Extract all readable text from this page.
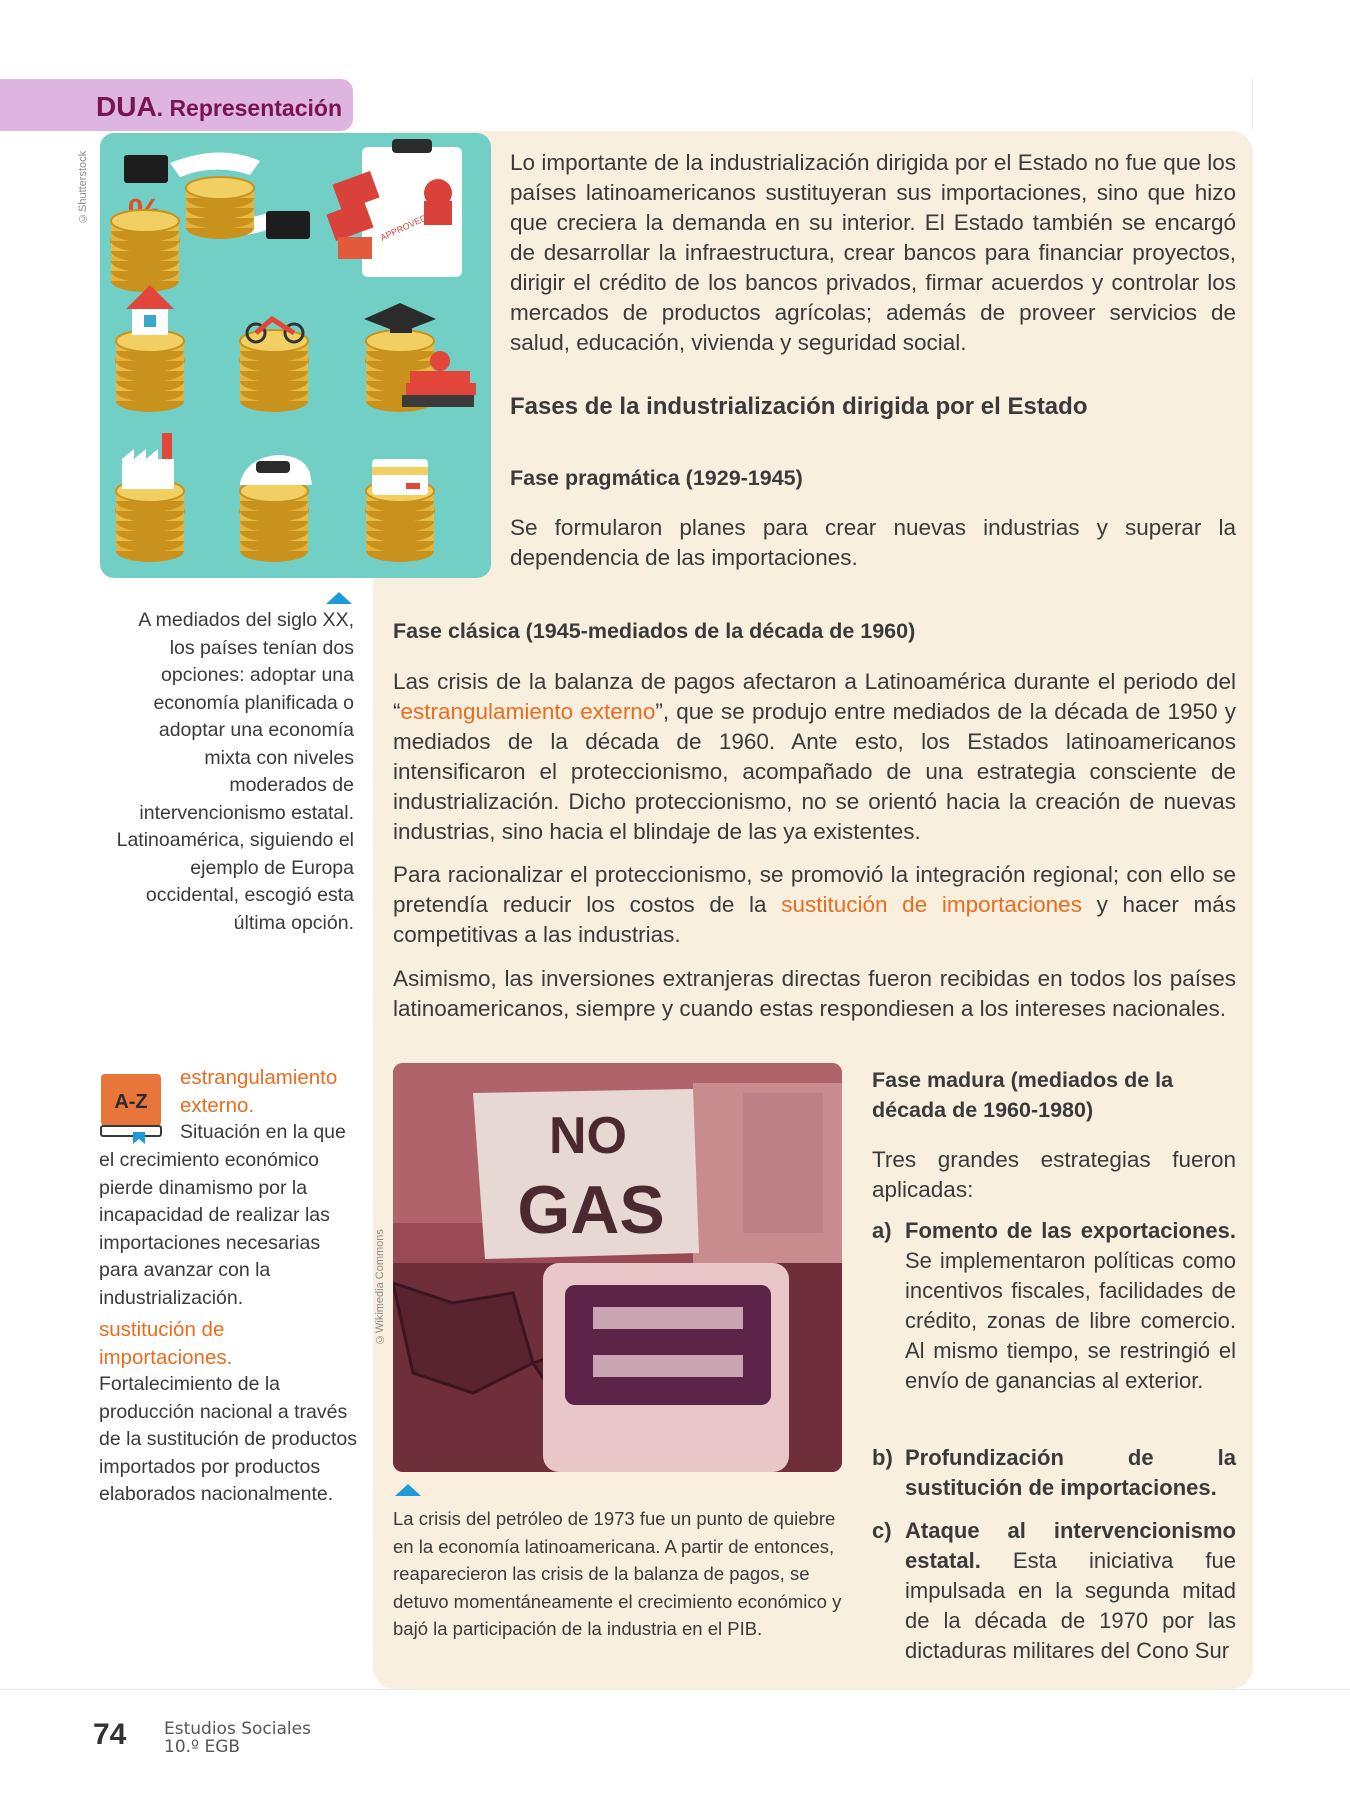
DUA. Representación
©Shutterstock
APPROVED
Lo importante de la industrialización dirigida por el Estado no fue que los países latinoamericanos sustituyeran sus importaciones, sino que hizo que creciera la demanda en su interior. El Estado también se encargó de desarrollar la infraestructura, crear bancos para financiar proyectos, dirigir el crédito de los bancos privados, firmar acuerdos y controlar los mercados de productos agrícolas; además de proveer servicios de salud, educación, vivienda y seguridad social.
Fases de la industrialización dirigida por el Estado
Fase pragmática (1929-1945)
Se formularon planes para crear nuevas industrias y superar la dependencia de las importaciones.
A mediados del siglo XX, los países tenían dos opciones: adoptar una economía planificada o adoptar una economía mixta con niveles moderados de intervencionismo estatal. Latinoamérica, siguiendo el ejemplo de Europa occidental, escogió esta última opción.
Fase clásica (1945-mediados de la década de 1960)
Las crisis de la balanza de pagos afectaron a Latinoamérica durante el periodo del “estrangulamiento externo”, que se produjo entre mediados de la década de 1950 y mediados de la década de 1960. Ante esto, los Estados latinoamericanos intensificaron el proteccionismo, acompañado de una estrategia consciente de industrialización. Dicho proteccionismo, no se orientó hacia la creación de nuevas industrias, sino hacia el blindaje de las ya existentes.
Para racionalizar el proteccionismo, se promovió la integración regional; con ello se pretendía reducir los costos de la sustitución de importaciones y hacer más competitivas a las industrias.
Asimismo, las inversiones extranjeras directas fueron recibidas en todos los países latinoamericanos, siempre y cuando estas respondiesen a los intereses nacionales.
A-Z
estrangulamiento externo.
Situación en la que
el crecimiento económico pierde dinamismo por la incapacidad de realizar las importaciones necesarias para avanzar con la industrialización.
sustitución de importaciones.
Fortalecimiento de la producción nacional a través de la sustitución de productos importados por productos elaborados nacionalmente.
©Wikimedia Commons
NO
GAS
La crisis del petróleo de 1973 fue un punto de quiebre en la economía latinoamericana. A partir de entonces, reaparecieron las crisis de la balanza de pagos, se detuvo momentáneamente el crecimiento económico y bajó la participación de la industria en el PIB.
Fase madura (mediados de la década de 1960-1980)
Tres grandes estrategias fueron aplicadas:
a) Fomento de las exportaciones. Se implementaron políticas como incentivos fiscales, facilidades de crédito, zonas de libre comercio. Al mismo tiempo, se restringió el envío de ganancias al exterior.
b) Profundización de la sustitución de importaciones.
c) Ataque al intervencionismo estatal. Esta iniciativa fue impulsada en la segunda mitad de la década de 1970 por las dictaduras militares del Cono Sur
74 Estudios Sociales
10.º EGB
